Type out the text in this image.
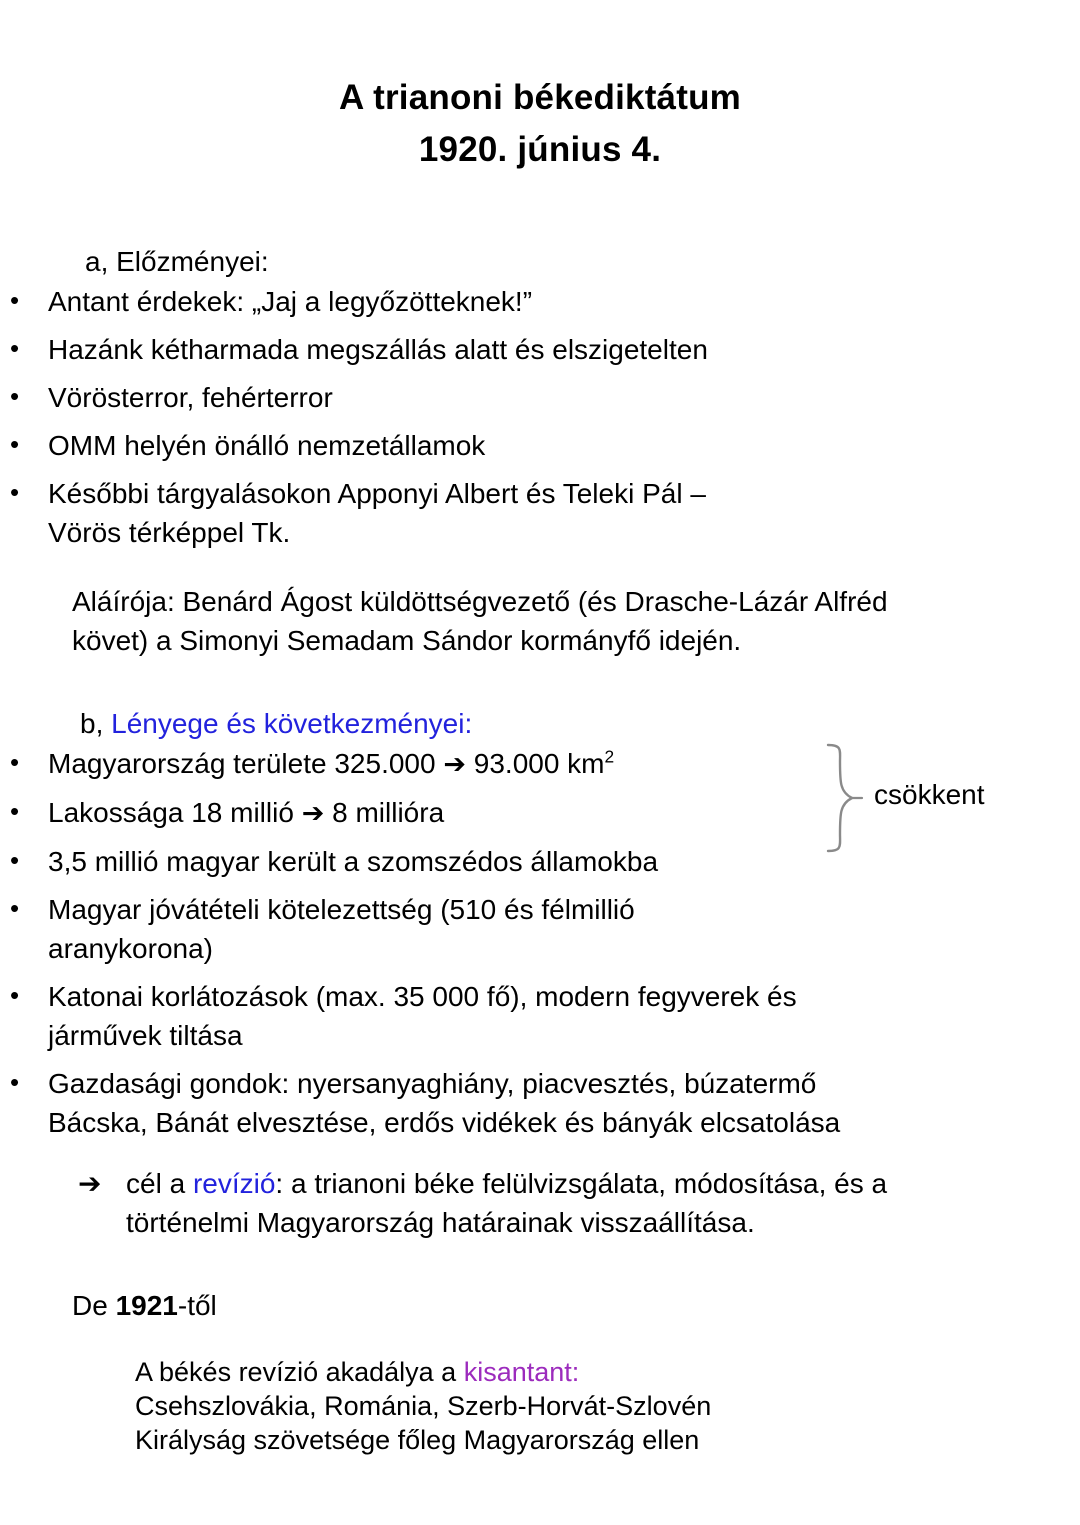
A trianoni békediktátum
1920. június 4.
a, Előzményei:
• Antant érdekek: „Jaj a legyőzötteknek!”
• Hazánk kétharmada megszállás alatt és elszigetelten
• Vörösterror, fehérterror
• OMM helyén önálló nemzetállamok
• Későbbi tárgyalásokon Apponyi Albert és Teleki Pál – Vörös térképpel Tk.
Aláírója: Benárd Ágost küldöttségvezető (és Drasche-Lázár Alfréd követ) a Simonyi Semadam Sándor kormányfő idején.
b, Lényege és következményei:
• Magyarország területe 325.000 ➔ 93.000 $km^2$
• Lakossága 18 millió ➔ 8 millióra
• 3,5 millió magyar került a szomszédos államokba
• Magyar jóvátételi kötelezettség (510 és félmillió aranykorona)
• Katonai korlátozások (max. 35 000 fő), modern fegyverek és járművek tiltása
• Gazdasági gondok: nyersanyaghiány, piacvesztés, búzatermő Bácska, Bánát elvesztése, erdős vidékek és bányák elcsatolása
csökkent
➔ cél a revízió: a trianoni béke felülvizsgálata, módosítása, és a történelmi Magyarország határainak visszaállítása.
De 1921-től
A békés revízió akadálya a kisantant:
Csehszlovákia, Románia, Szerb-Horvát-Szlovén
Királyság szövetsége főleg Magyarország ellen
